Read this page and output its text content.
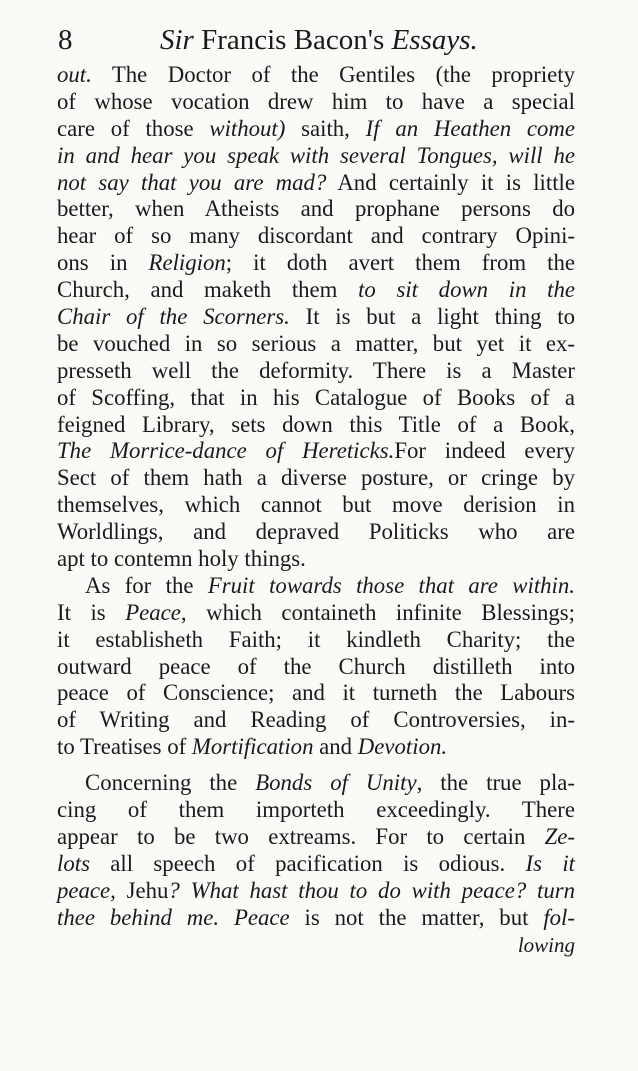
8	Sir Francis Bacon's Essays.
out. The Doctor of the Gentiles (the propriety
of whose vocation drew him to have a special
care of those without) saith, If an Heathen come
in and hear you speak with several Tongues, will he
not say that you are mad? And certainly it is little
better, when Atheists and prophane persons do
hear of so many discordant and contrary Opini-
ons in Religion; it doth avert them from the
Church, and maketh them to sit down in the
Chair of the Scorners. It is but a light thing to
be vouched in so serious a matter, but yet it ex-
presseth well the deformity. There is a Master
of Scoffing, that in his Catalogue of Books of a
feigned Library, sets down this Title of a Book,
The Morrice-dance of Hereticks.For indeed every
Sect of them hath a diverse posture, or cringe by
themselves, which cannot but move derision in
Worldlings, and depraved Politicks who are
apt to contemn holy things.
As for the Fruit towards those that are within.
It is Peace, which containeth infinite Blessings;
it establisheth Faith; it kindleth Charity; the
outward peace of the Church distilleth into
peace of Conscience; and it turneth the Labours
of Writing and Reading of Controversies, in-
to Treatises of Mortification and Devotion.
Concerning the Bonds of Unity, the true pla-
cing of them importeth exceedingly. There
appear to be two extreams. For to certain Ze-
lots all speech of pacification is odious. Is it
peace, Jehu? What hast thou to do with peace? turn
thee behind me. Peace is not the matter, but fol-
lowing
